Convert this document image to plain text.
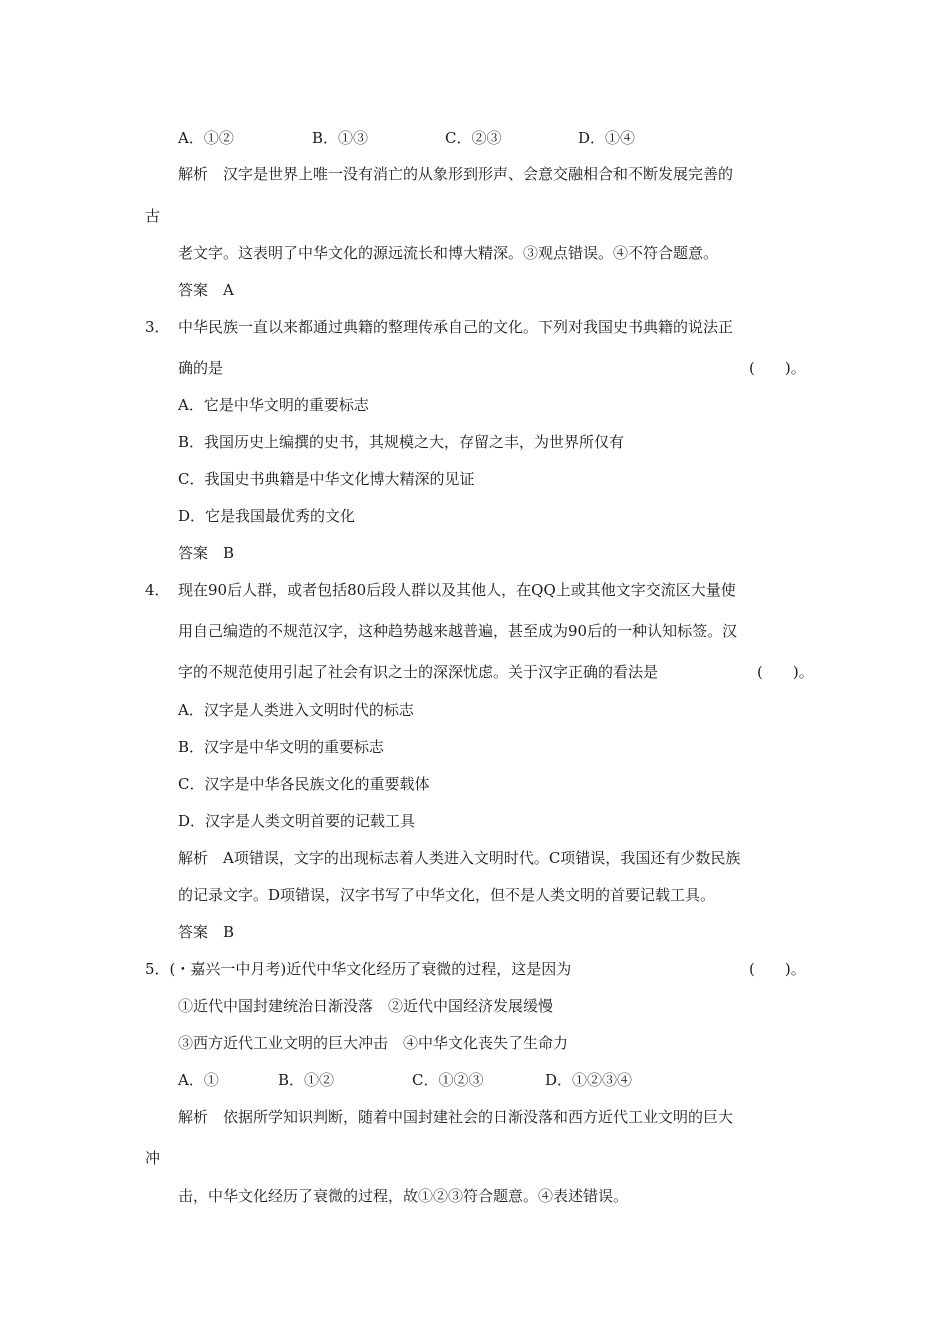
A．①②	B．①③	C．②③	D．①④
解析　汉字是世界上唯一没有消亡的从象形到形声、会意交融相合和不断发展完善的
古
老文字。这表明了中华文化的源远流长和博大精深。③观点错误。④不符合题意。
答案　A
3． 中华民族一直以来都通过典籍的整理传承自己的文化。下列对我国史书典籍的说法正
确的是	(　　)。
A．它是中华文明的重要标志
B．我国历史上编撰的史书，其规模之大，存留之丰，为世界所仅有
C．我国史书典籍是中华文化博大精深的见证
D．它是我国最优秀的文化
答案　B
4． 现在90后人群，或者包括80后段人群以及其他人，在QQ上或其他文字交流区大量使
用自己编造的不规范汉字，这种趋势越来越普遍，甚至成为90后的一种认知标签。汉
字的不规范使用引起了社会有识之士的深深忧虑。关于汉字正确的看法是	(　　)。
A．汉字是人类进入文明时代的标志
B．汉字是中华文明的重要标志
C．汉字是中华各民族文化的重要载体
D．汉字是人类文明首要的记载工具
解析　A项错误，文字的出现标志着人类进入文明时代。C项错误，我国还有少数民族
的记录文字。D项错误，汉字书写了中华文化，但不是人类文明的首要记载工具。
答案　B
5．(・嘉兴一中月考)近代中华文化经历了衰微的过程，这是因为	(　　)。
①近代中国封建统治日渐没落　②近代中国经济发展缓慢
③西方近代工业文明的巨大冲击　④中华文化丧失了生命力
A．①	B．①②	C．①②③	D．①②③④
解析　依据所学知识判断，随着中国封建社会的日渐没落和西方近代工业文明的巨大
冲
击，中华文化经历了衰微的过程，故①②③符合题意。④表述错误。
